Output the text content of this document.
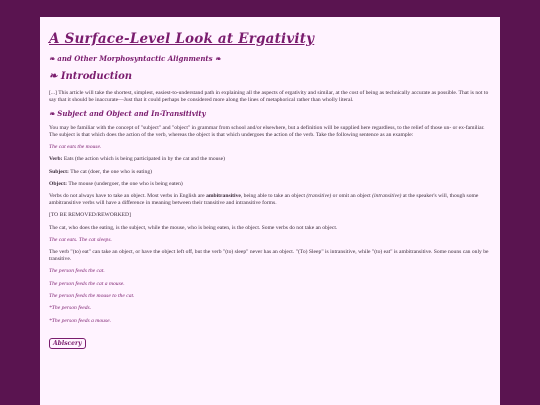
A Surface-Level Look at Ergativity
❧ and Other Morphosyntactic Alignments ❧
❧ Introduction

[...] This article will take the shortest, simplest, easiest-to-understand path in explaining all the aspects of ergativity and similar, at the cost of being as technically accurate as possible. That is not to say that it should be inaccurate—Just that it could perhaps be considered more along the lines of metaphorical rather than wholly literal.

❧ Subject and Object and In-Transitivity

You may be familiar with the concept of "subject" and "object" in grammar from school and/or elsewhere, but a definition will be supplied here regardless, to the relief of those un- or ex-familiar. The subject is that which does the action of the verb, whereas the object is that which undergoes the action of the verb. Take the following sentence as an example:

The cat eats the mouse.

Verb: Eats (the action which is being participated in by the cat and the mouse)

Subject: The cat (doer, the one who is eating)

Object: The mouse (undergoer, the one who is being eaten)

Verbs do not always have to take an object. Most verbs in English are ambitransitive, being able to take an object (transitive) or omit an object (intransitive) at the speaker's will, though some ambitransitive verbs will have a difference in meaning between their transitive and intransitive forms.

[TO BE REMOVED/REWORKED]

The cat, who does the eating, is the subject, while the mouse, who is being eaten, is the object. Some verbs do not take an object.

The cat eats. The cat sleeps.

The verb "(to) eat" can take an object, or have the object left off, but the verb "(to) sleep" never has an object. "(To) Sleep" is intransitive, while "(to) eat" is ambitransitive. Some nouns can only be transitive.

The person feeds the cat.

The person feeds the cat a mouse.

The person feeds the mouse to the cat.

*The person feeds.

*The person feeds a mouse.

Ablscery
